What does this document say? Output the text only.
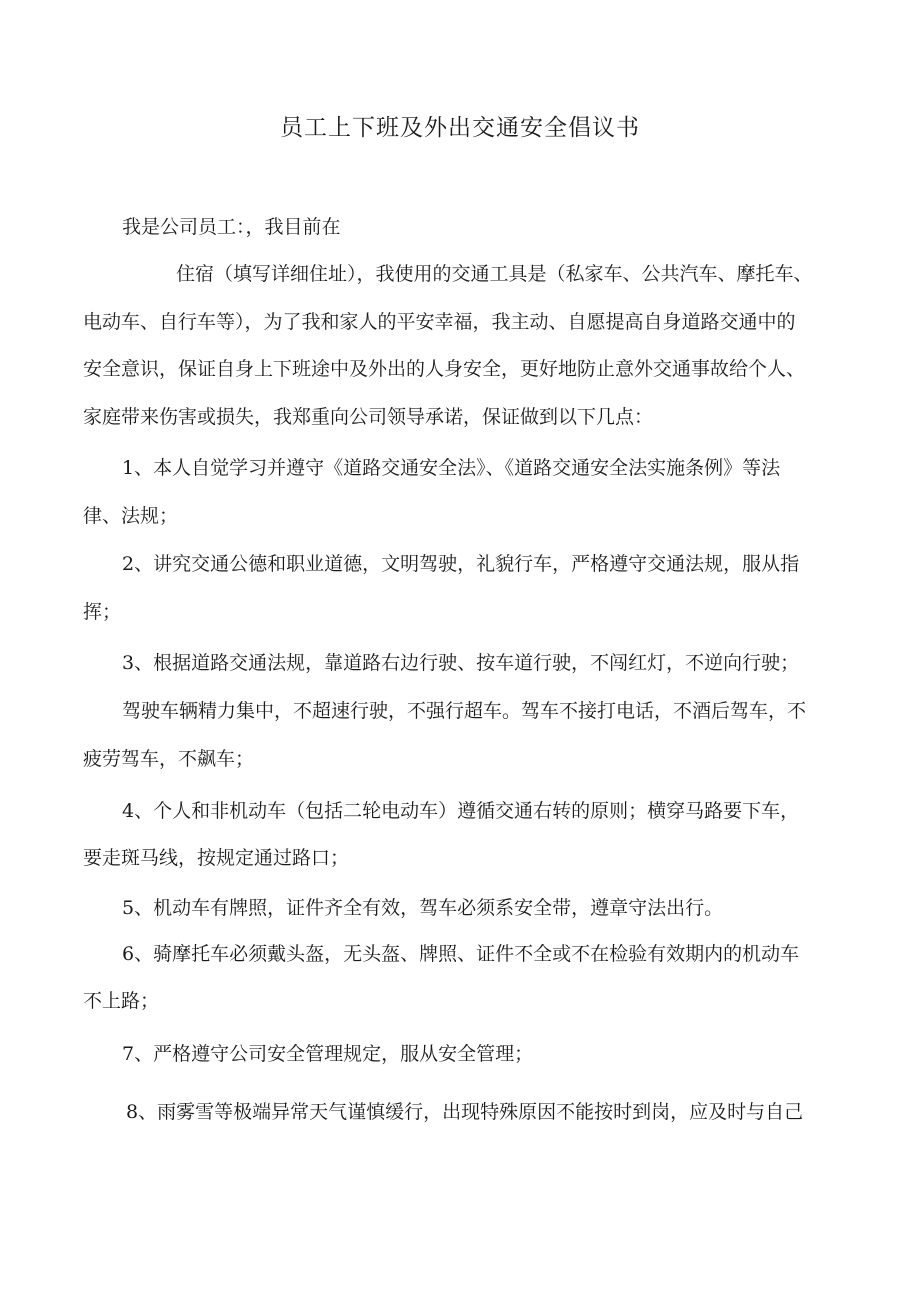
员工上下班及外出交通安全倡议书

我是公司员工：，我目前在

住宿（填写详细住址），我使用的交通工具是（私家车、公共汽车、摩托车、

电动车、自行车等），为了我和家人的平安幸福，我主动、自愿提高自身道路交通中的

安全意识，保证自身上下班途中及外出的人身安全，更好地防止意外交通事故给个人、

家庭带来伤害或损失，我郑重向公司领导承诺，保证做到以下几点：

1、本人自觉学习并遵守《道路交通安全法》、《道路交通安全法实施条例》等法

律、法规；

2、讲究交通公德和职业道德，文明驾驶，礼貌行车，严格遵守交通法规，服从指

挥；

3、根据道路交通法规，靠道路右边行驶、按车道行驶，不闯红灯，不逆向行驶；

驾驶车辆精力集中，不超速行驶，不强行超车。驾车不接打电话，不酒后驾车，不

疲劳驾车，不飙车；

4、个人和非机动车（包括二轮电动车）遵循交通右转的原则；横穿马路要下车，

要走斑马线，按规定通过路口；

5、机动车有牌照，证件齐全有效，驾车必须系安全带，遵章守法出行。

6、骑摩托车必须戴头盔，无头盔、牌照、证件不全或不在检验有效期内的机动车

不上路；

7、严格遵守公司安全管理规定，服从安全管理；

8、雨雾雪等极端异常天气谨慎缓行，出现特殊原因不能按时到岗，应及时与自己
